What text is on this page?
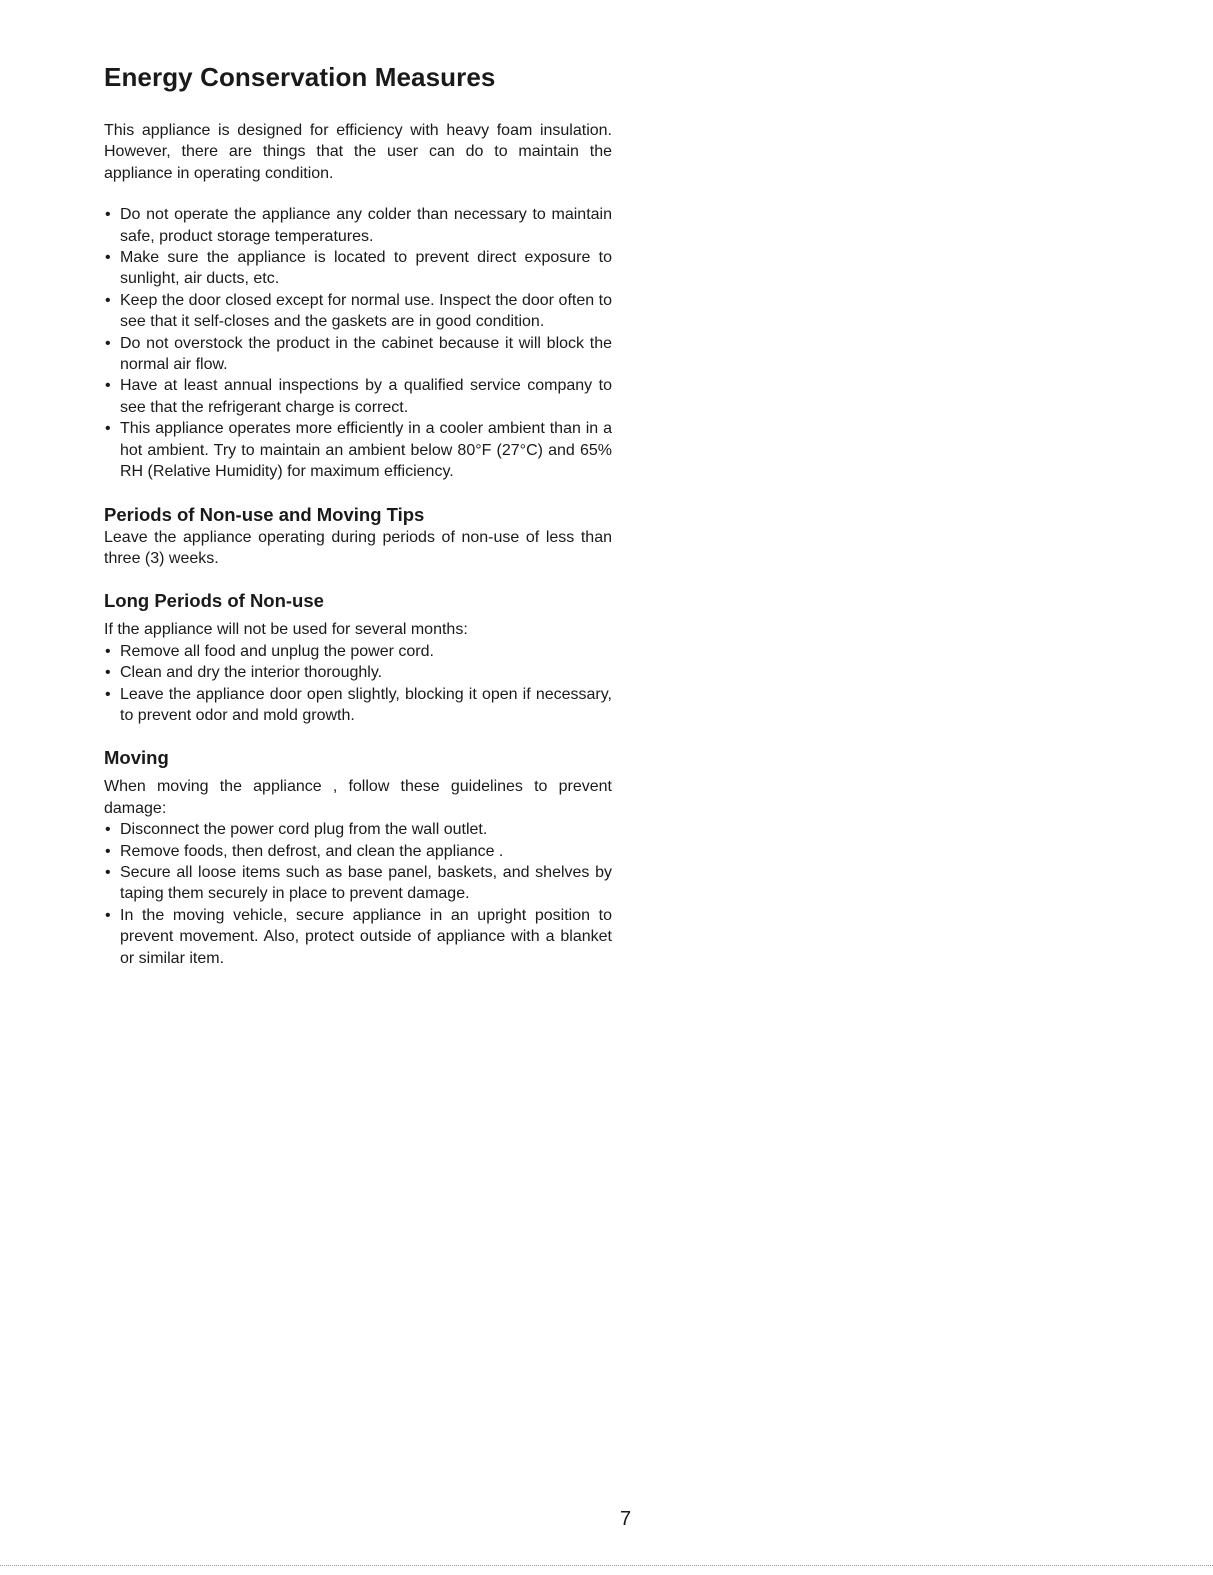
Energy Conservation Measures

This appliance is designed for efficiency with heavy foam insulation. However, there are things that the user can do to maintain the appliance in operating condition.

• Do not operate the appliance any colder than necessary to maintain safe, product storage temperatures.
• Make sure the appliance is located to prevent direct exposure to sunlight, air ducts, etc.
• Keep the door closed except for normal use. Inspect the door often to see that it self-closes and the gaskets are in good condition.
• Do not overstock the product in the cabinet because it will block the normal air flow.
• Have at least annual inspections by a qualified service company to see that the refrigerant charge is correct.
• This appliance operates more efficiently in a cooler ambient than in a hot ambient. Try to maintain an ambient below 80°F (27°C) and 65% RH (Relative Humidity) for maximum efficiency.
Periods of Non-use and Moving Tips

Leave the appliance operating during periods of non-use of less than three (3) weeks.

Long Periods of Non-use

If the appliance will not be used for several months:

• Remove all food and unplug the power cord.
• Clean and dry the interior thoroughly.
• Leave the appliance door open slightly, blocking it open if necessary, to prevent odor and mold growth.
Moving

When moving the appliance , follow these guidelines to prevent damage:

• Disconnect the power cord plug from the wall outlet.
• Remove foods, then defrost, and clean the appliance .
• Secure all loose items such as base panel, baskets, and shelves by taping them securely in place to prevent damage.
• In the moving vehicle, secure appliance in an upright position to prevent movement. Also, protect outside of appliance with a blanket or similar item.
7
